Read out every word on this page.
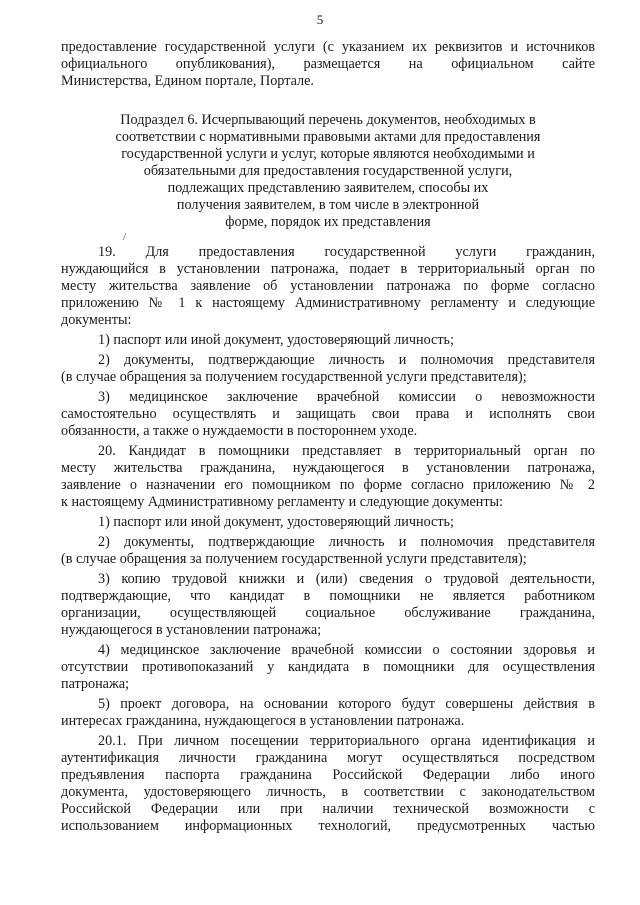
5
предоставление государственной услуги (с указанием их реквизитов и источников
официального опубликования), размещается на официальном сайте
Министерства, Едином портале, Портале.
Подраздел 6. Исчерпывающий перечень документов, необходимых в
соответствии с нормативными правовыми актами для предоставления
государственной услуги и услуг, которые являются необходимыми и
обязательными для предоставления государственной услуги,
подлежащих представлению заявителем, способы их
получения заявителем, в том числе в электронной
форме, порядок их представления
/
19. Для предоставления государственной услуги гражданин,
нуждающийся в установлении патронажа, подает в территориальный орган по
месту жительства заявление об установлении патронажа по форме согласно
приложению № 1 к настоящему Административному регламенту и следующие
документы:
1) паспорт или иной документ, удостоверяющий личность;
2) документы, подтверждающие личность и полномочия представителя
(в случае обращения за получением государственной услуги представителя);
3) медицинское заключение врачебной комиссии о невозможности
самостоятельно осуществлять и защищать свои права и исполнять свои
обязанности, а также о нуждаемости в постороннем уходе.
20. Кандидат в помощники представляет в территориальный орган по
месту жительства гражданина, нуждающегося в установлении патронажа,
заявление о назначении его помощником по форме согласно приложению № 2
к настоящему Административному регламенту и следующие документы:
1) паспорт или иной документ, удостоверяющий личность;
2) документы, подтверждающие личность и полномочия представителя
(в случае обращения за получением государственной услуги представителя);
3) копию трудовой книжки и (или) сведения о трудовой деятельности,
подтверждающие, что кандидат в помощники не является работником
организации, осуществляющей социальное обслуживание гражданина,
нуждающегося в установлении патронажа;
4) медицинское заключение врачебной комиссии о состоянии здоровья и
отсутствии противопоказаний у кандидата в помощники для осуществления
патронажа;
5) проект договора, на основании которого будут совершены действия в
интересах гражданина, нуждающегося в установлении патронажа.
20.1. При личном посещении территориального органа идентификация и
аутентификация личности гражданина могут осуществляться посредством
предъявления паспорта гражданина Российской Федерации либо иного
документа, удостоверяющего личность, в соответствии с законодательством
Российской Федерации или при наличии технической возможности с
использованием информационных технологий, предусмотренных частью
